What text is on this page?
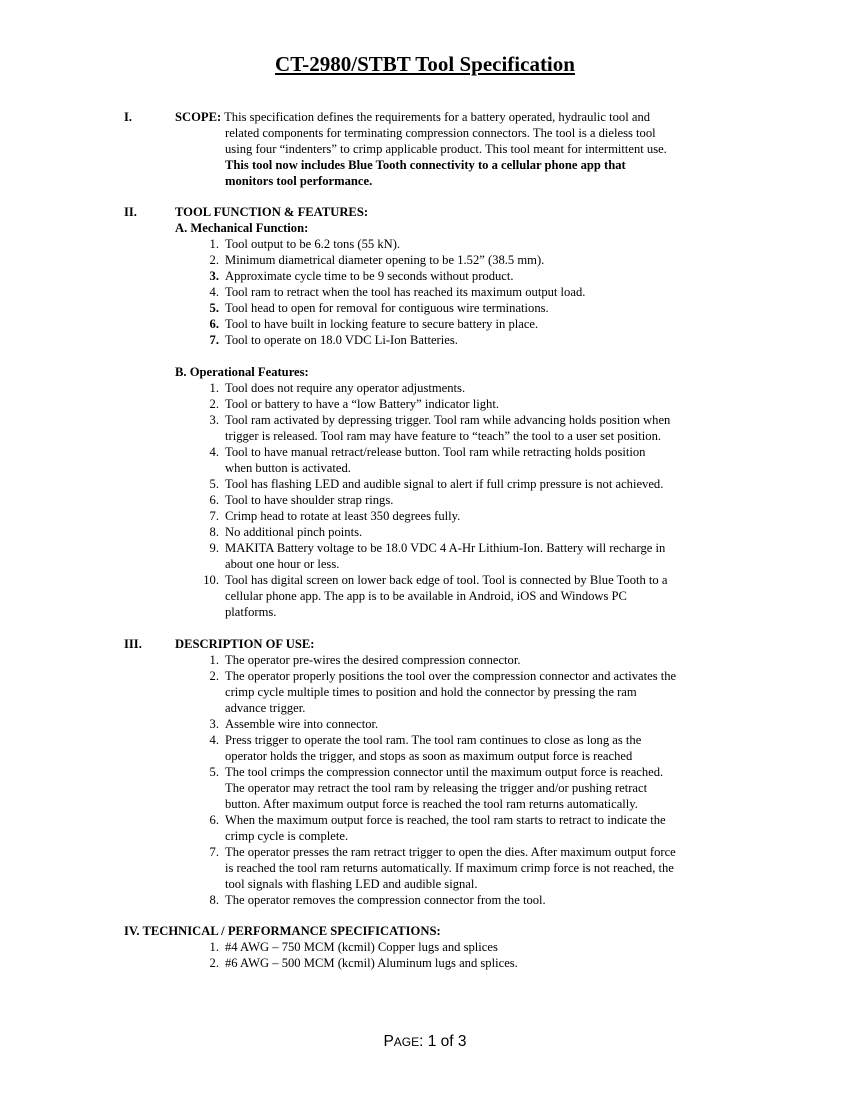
CT-2980/STBT Tool Specification
I.	SCOPE: This specification defines the requirements for a battery operated, hydraulic tool and

related components for terminating compression connectors. The tool is a dieless tool

using four “indenters” to crimp applicable product. This tool meant for intermittent use.

This tool now includes Blue Tooth connectivity to a cellular phone app that

monitors tool performance.

II.	TOOL FUNCTION & FEATURES:
A. Mechanical Function:
1. Tool output to be 6.2 tons (55 kN).
2. Minimum diametrical diameter opening to be 1.52” (38.5 mm).
3. Approximate cycle time to be 9 seconds without product.
4. Tool ram to retract when the tool has reached its maximum output load.
5. Tool head to open for removal for contiguous wire terminations.
6. Tool to have built in locking feature to secure battery in place.
7. Tool to operate on 18.0 VDC Li-Ion Batteries.
B. Operational Features:
1. Tool does not require any operator adjustments.
2. Tool or battery to have a “low Battery” indicator light.
3. Tool ram activated by depressing trigger. Tool ram while advancing holds position when
trigger is released. Tool ram may have feature to “teach” the tool to a user set position.
4. Tool to have manual retract/release button. Tool ram while retracting holds position
when button is activated.
5. Tool has flashing LED and audible signal to alert if full crimp pressure is not achieved.
6. Tool to have shoulder strap rings.
7. Crimp head to rotate at least 350 degrees fully.
8. No additional pinch points.
9. MAKITA Battery voltage to be 18.0 VDC 4 A-Hr Lithium-Ion. Battery will recharge in
about one hour or less.
10. Tool has digital screen on lower back edge of tool. Tool is connected by Blue Tooth to a
cellular phone app. The app is to be available in Android, iOS and Windows PC
platforms.
III.	DESCRIPTION OF USE:
1. The operator pre-wires the desired compression connector.
2. The operator properly positions the tool over the compression connector and activates the
crimp cycle multiple times to position and hold the connector by pressing the ram
advance trigger.
3. Assemble wire into connector.
4. Press trigger to operate the tool ram. The tool ram continues to close as long as the
operator holds the trigger, and stops as soon as maximum output force is reached
5. The tool crimps the compression connector until the maximum output force is reached.
The operator may retract the tool ram by releasing the trigger and/or pushing retract
button. After maximum output force is reached the tool ram returns automatically.
6. When the maximum output force is reached, the tool ram starts to retract to indicate the
crimp cycle is complete.
7. The operator presses the ram retract trigger to open the dies. After maximum output force
is reached the tool ram returns automatically. If maximum crimp force is not reached, the
tool signals with flashing LED and audible signal.
8. The operator removes the compression connector from the tool.
IV. TECHNICAL / PERFORMANCE SPECIFICATIONS:
1. #4 AWG – 750 MCM (kcmil) Copper lugs and splices
2. #6 AWG – 500 MCM (kcmil) Aluminum lugs and splices.
PAGE: 1 of 3
